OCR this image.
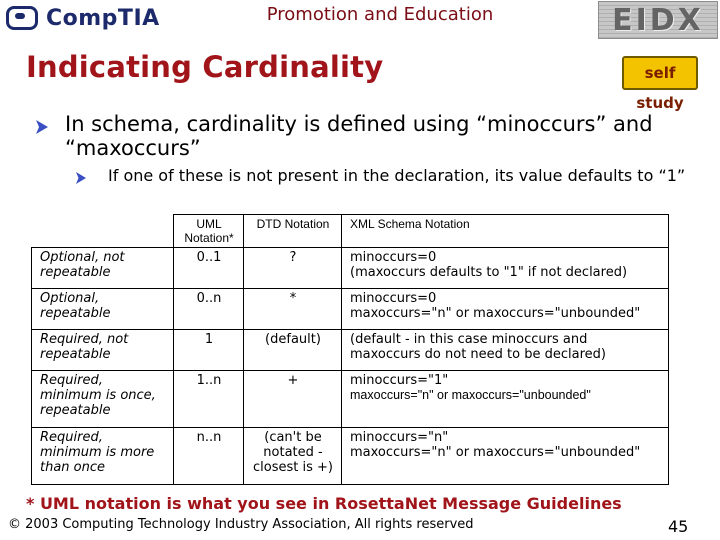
CompTIA	Promotion and Education	EIDX
Indicating Cardinality	self study
In schema, cardinality is defined using “minoccurs” and “maxoccurs”
If one of these is not present in the declaration, its value defaults to “1”
	UML Notation*	DTD Notation	XML Schema Notation
Optional, not repeatable	0..1	?	minoccurs=0
(maxoccurs defaults to "1" if not declared)

Optional, repeatable	0..n	*	minoccurs=0
maxoccurs="n" or maxoccurs="unbounded"

Required, not repeatable	1	(default)	(default - in this case minoccurs and
maxoccurs do not need to be declared)

Required, minimum is once, repeatable	1..n	+	minoccurs="1"
maxoccurs="n" or maxoccurs="unbounded"

Required, minimum is more than once	n..n	(can't be notated - closest is +)	minoccurs="n"
maxoccurs="n" or maxoccurs="unbounded"
* UML notation is what you see in RosettaNet Message Guidelines
© 2003 Computing Technology Industry Association, All rights reserved	45
